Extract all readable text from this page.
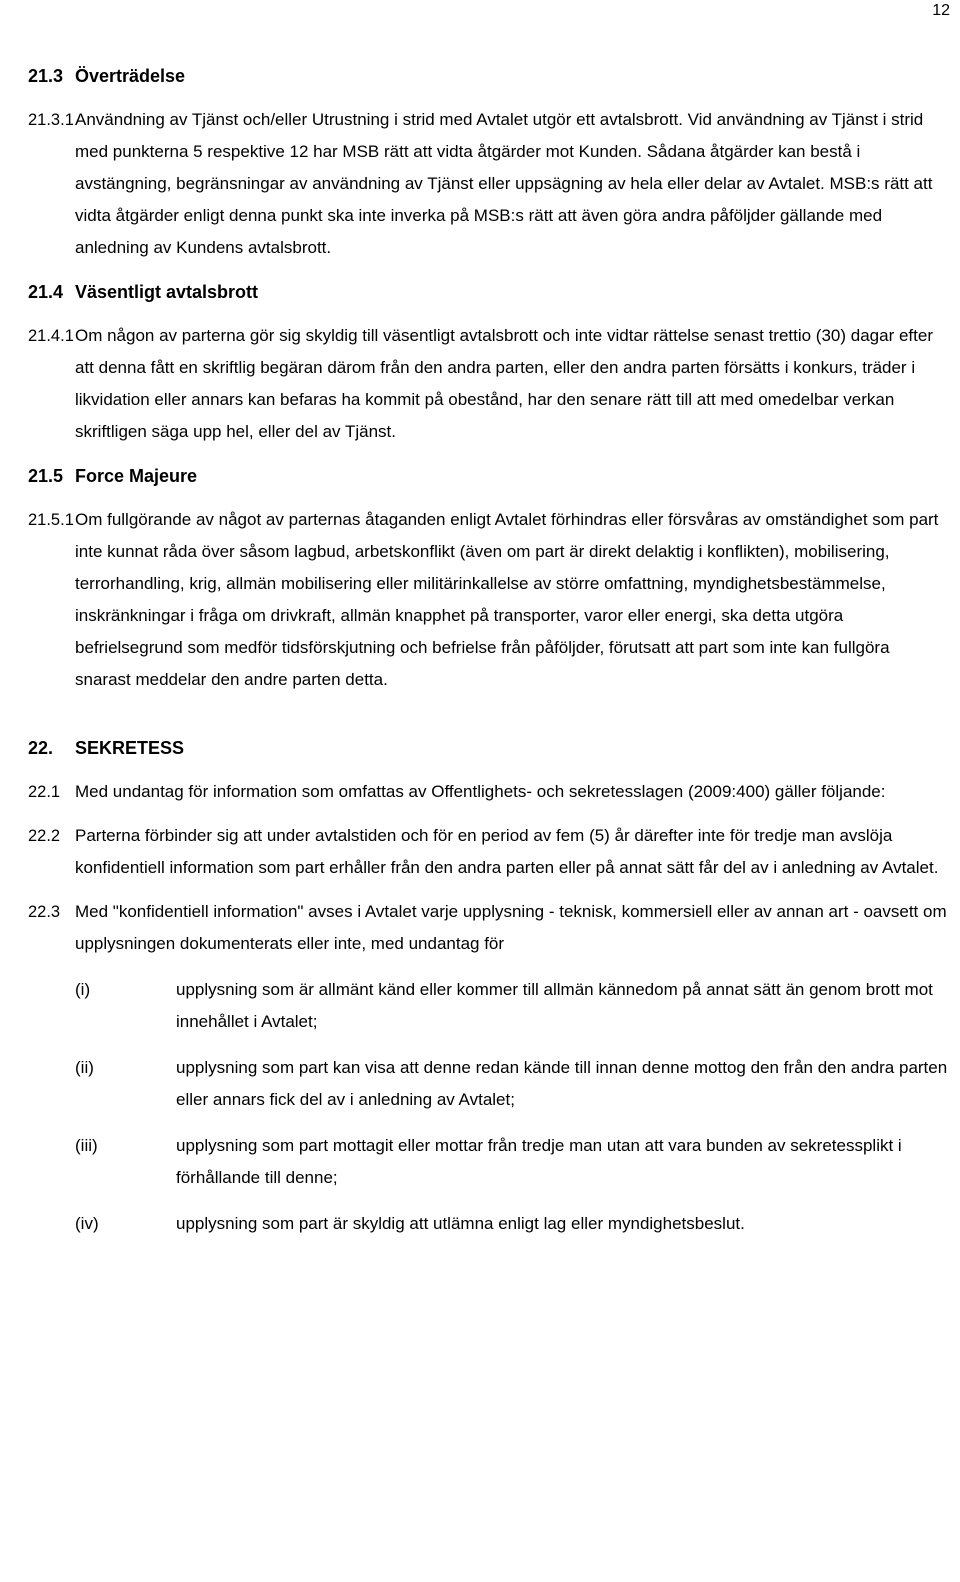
12
21.3 Överträdelse
21.3.1 Användning av Tjänst och/eller Utrustning i strid med Avtalet utgör ett avtalsbrott. Vid användning av Tjänst i strid med punkterna 5 respektive 12 har MSB rätt att vidta åtgärder mot Kunden. Sådana åtgärder kan bestå i avstängning, begränsningar av användning av Tjänst eller uppsägning av hela eller delar av Avtalet. MSB:s rätt att vidta åtgärder enligt denna punkt ska inte inverka på MSB:s rätt att även göra andra påföljder gällande med anledning av Kundens avtalsbrott.
21.4 Väsentligt avtalsbrott
21.4.1 Om någon av parterna gör sig skyldig till väsentligt avtalsbrott och inte vidtar rättelse senast trettio (30) dagar efter att denna fått en skriftlig begäran därom från den andra parten, eller den andra parten försätts i konkurs, träder i likvidation eller annars kan befaras ha kommit på obestånd, har den senare rätt till att med omedelbar verkan skriftligen säga upp hel, eller del av Tjänst.
21.5 Force Majeure
21.5.1 Om fullgörande av något av parternas åtaganden enligt Avtalet förhindras eller försvåras av omständighet som part inte kunnat råda över såsom lagbud, arbetskonflikt (även om part är direkt delaktig i konflikten), mobilisering, terrorhandling, krig, allmän mobilisering eller militärinkallelse av större omfattning, myndighetsbestämmelse, inskränkningar i fråga om drivkraft, allmän knapphet på transporter, varor eller energi, ska detta utgöra befrielsegrund som medför tidsförskjutning och befrielse från påföljder, förutsatt att part som inte kan fullgöra snarast meddelar den andre parten detta.
22.	SEKRETESS
22.1 Med undantag för information som omfattas av Offentlighets- och sekretesslagen (2009:400) gäller följande:
22.2 Parterna förbinder sig att under avtalstiden och för en period av fem (5) år därefter inte för tredje man avslöja konfidentiell information som part erhåller från den andra parten eller på annat sätt får del av i anledning av Avtalet.
22.3 Med "konfidentiell information" avses i Avtalet varje upplysning - teknisk, kommersiell eller av annan art - oavsett om upplysningen dokumenterats eller inte, med undantag för
(i)	upplysning som är allmänt känd eller kommer till allmän kännedom på annat sätt än genom brott mot innehållet i Avtalet;
(ii)	upplysning som part kan visa att denne redan kände till innan denne mottog den från den andra parten eller annars fick del av i anledning av Avtalet;
(iii)	upplysning som part mottagit eller mottar från tredje man utan att vara bunden av sekretessplikt i förhållande till denne;
(iv)	upplysning som part är skyldig att utlämna enligt lag eller myndighetsbeslut.
